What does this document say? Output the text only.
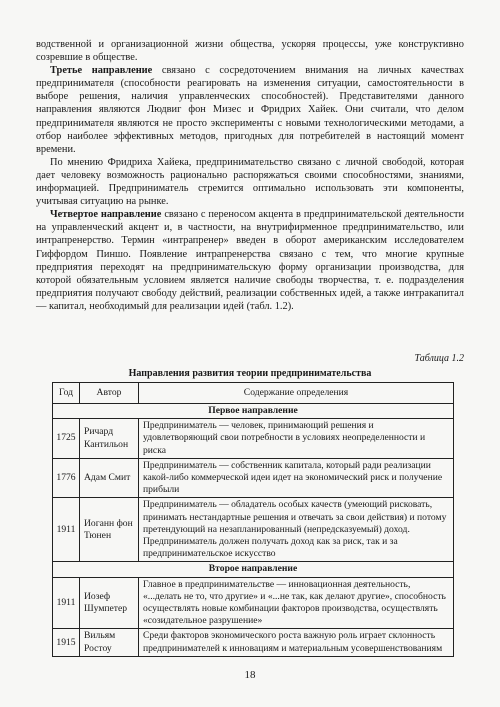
водственной и организационной жизни общества, ускоряя процессы, уже конструктивно созревшие в обществе.

Третье направление связано с сосредоточением внимания на личных качествах предпринимателя (способности реагировать на изменения ситуации, самостоятельности в выборе решения, наличия управленческих способностей). Представителями данного направления являются Людвиг фон Мизес и Фридрих Хайек. Они считали, что делом предпринимателя являются не просто эксперименты с новыми технологическими методами, а отбор наиболее эффективных методов, пригодных для потребителей в настоящий момент времени.

По мнению Фридриха Хайека, предпринимательство связано с личной свободой, которая дает человеку возможность рационально распоряжаться своими способностями, знаниями, информацией. Предприниматель стремится оптимально использовать эти компоненты, учитывая ситуацию на рынке.

Четвертое направление связано с переносом акцента в предпринимательской деятельности на управленческий акцент и, в частности, на внутрифирменное предпринимательство, или интрапренерство. Термин «интрапренер» введен в оборот американским исследователем Гиффордом Пиншо. Появление интрапренерства связано с тем, что многие крупные предприятия переходят на предпринимательскую форму организации производства, для которой обязательным условием является наличие свободы творчества, т. е. подразделения предприятия получают свободу действий, реализации собственных идей, а также интракапитал — капитал, необходимый для реализации идей (табл. 1.2).

Таблица 1.2
Направления развития теории предпринимательства
Год	Автор	Содержание определения
Первое направление		
1725	Ричард Кантильон	Предприниматель — человек, принимающий решения и удовлетворяющий свои потребности в условиях неопределенности и риска
1776	Адам Смит	Предприниматель — собственник капитала, который ради реализации какой-либо коммерческой идеи идет на экономический риск и получение прибыли
1911	Иоганн фон Тюнен	Предприниматель — обладатель особых качеств (умеющий рисковать, принимать нестандартные решения и отвечать за свои действия) и потому претендующий на незапланированный (непредсказуемый) доход. Предприниматель должен получать доход как за риск, так и за предпринимательское искусство
Второе направление		
1911	Иозеф Шумпетер	Главное в предпринимательстве — инновационная деятельность, «...делать не то, что другие» и «...не так, как делают другие», способность осуществлять новые комбинации факторов производства, осуществлять «созидательное разрушение»
1915	Вильям Ростоу	Среди факторов экономического роста важную роль играет склонность предпринимателей к инновациям и материальным усовершенствованиям
18
